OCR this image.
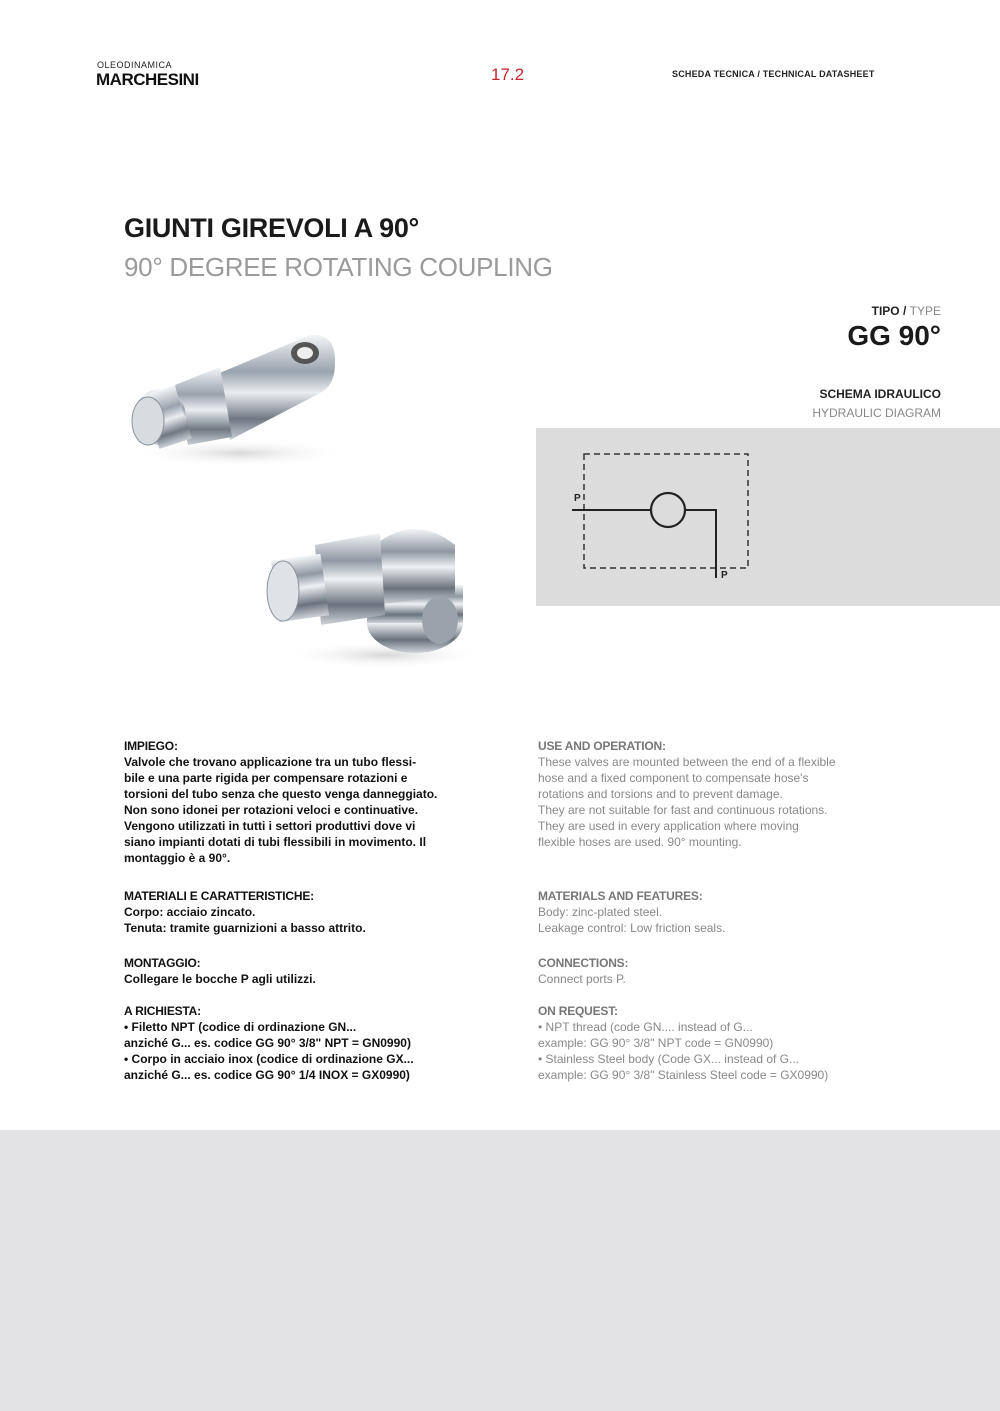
OLEODINAMICA
MARCHESINI	17.2	SCHEDA TECNICA / TECHNICAL DATASHEET
GIUNTI GIREVOLI A 90°
90° DEGREE ROTATING COUPLING
TIPO / TYPE
GG 90°
SCHEMA IDRAULICO
HYDRAULIC DIAGRAM
P
P

IMPIEGO:

Valvole che trovano applicazione tra un tubo flessi-

bile e una parte rigida per compensare rotazioni e

torsioni del tubo senza che questo venga danneggiato.

Non sono idonei per rotazioni veloci e continuative.

Vengono utilizzati in tutti i settori produttivi dove vi

siano impianti dotati di tubi flessibili in movimento. Il

montaggio è a 90°.

MATERIALI E CARATTERISTICHE:

Corpo: acciaio zincato.

Tenuta: tramite guarnizioni a basso attrito.

MONTAGGIO:

Collegare le bocche P agli utilizzi.

A RICHIESTA:

• Filetto NPT (codice di ordinazione GN...

anziché G... es. codice GG 90° 3/8" NPT = GN0990)

• Corpo in acciaio inox (codice di ordinazione GX...

anziché G... es. codice GG 90° 1/4 INOX = GX0990)

USE AND OPERATION:

These valves are mounted between the end of a flexible

hose and a fixed component to compensate hose's

rotations and torsions and to prevent damage.

They are not suitable for fast and continuous rotations.

They are used in every application where moving

flexible hoses are used. 90° mounting.

MATERIALS AND FEATURES:

Body: zinc-plated steel.

Leakage control: Low friction seals.

CONNECTIONS:

Connect ports P.

ON REQUEST:

• NPT thread (code GN.... instead of G...

example: GG 90° 3/8" NPT code = GN0990)

• Stainless Steel body (Code GX... instead of G...

example: GG 90° 3/8" Stainless Steel code = GX0990)
